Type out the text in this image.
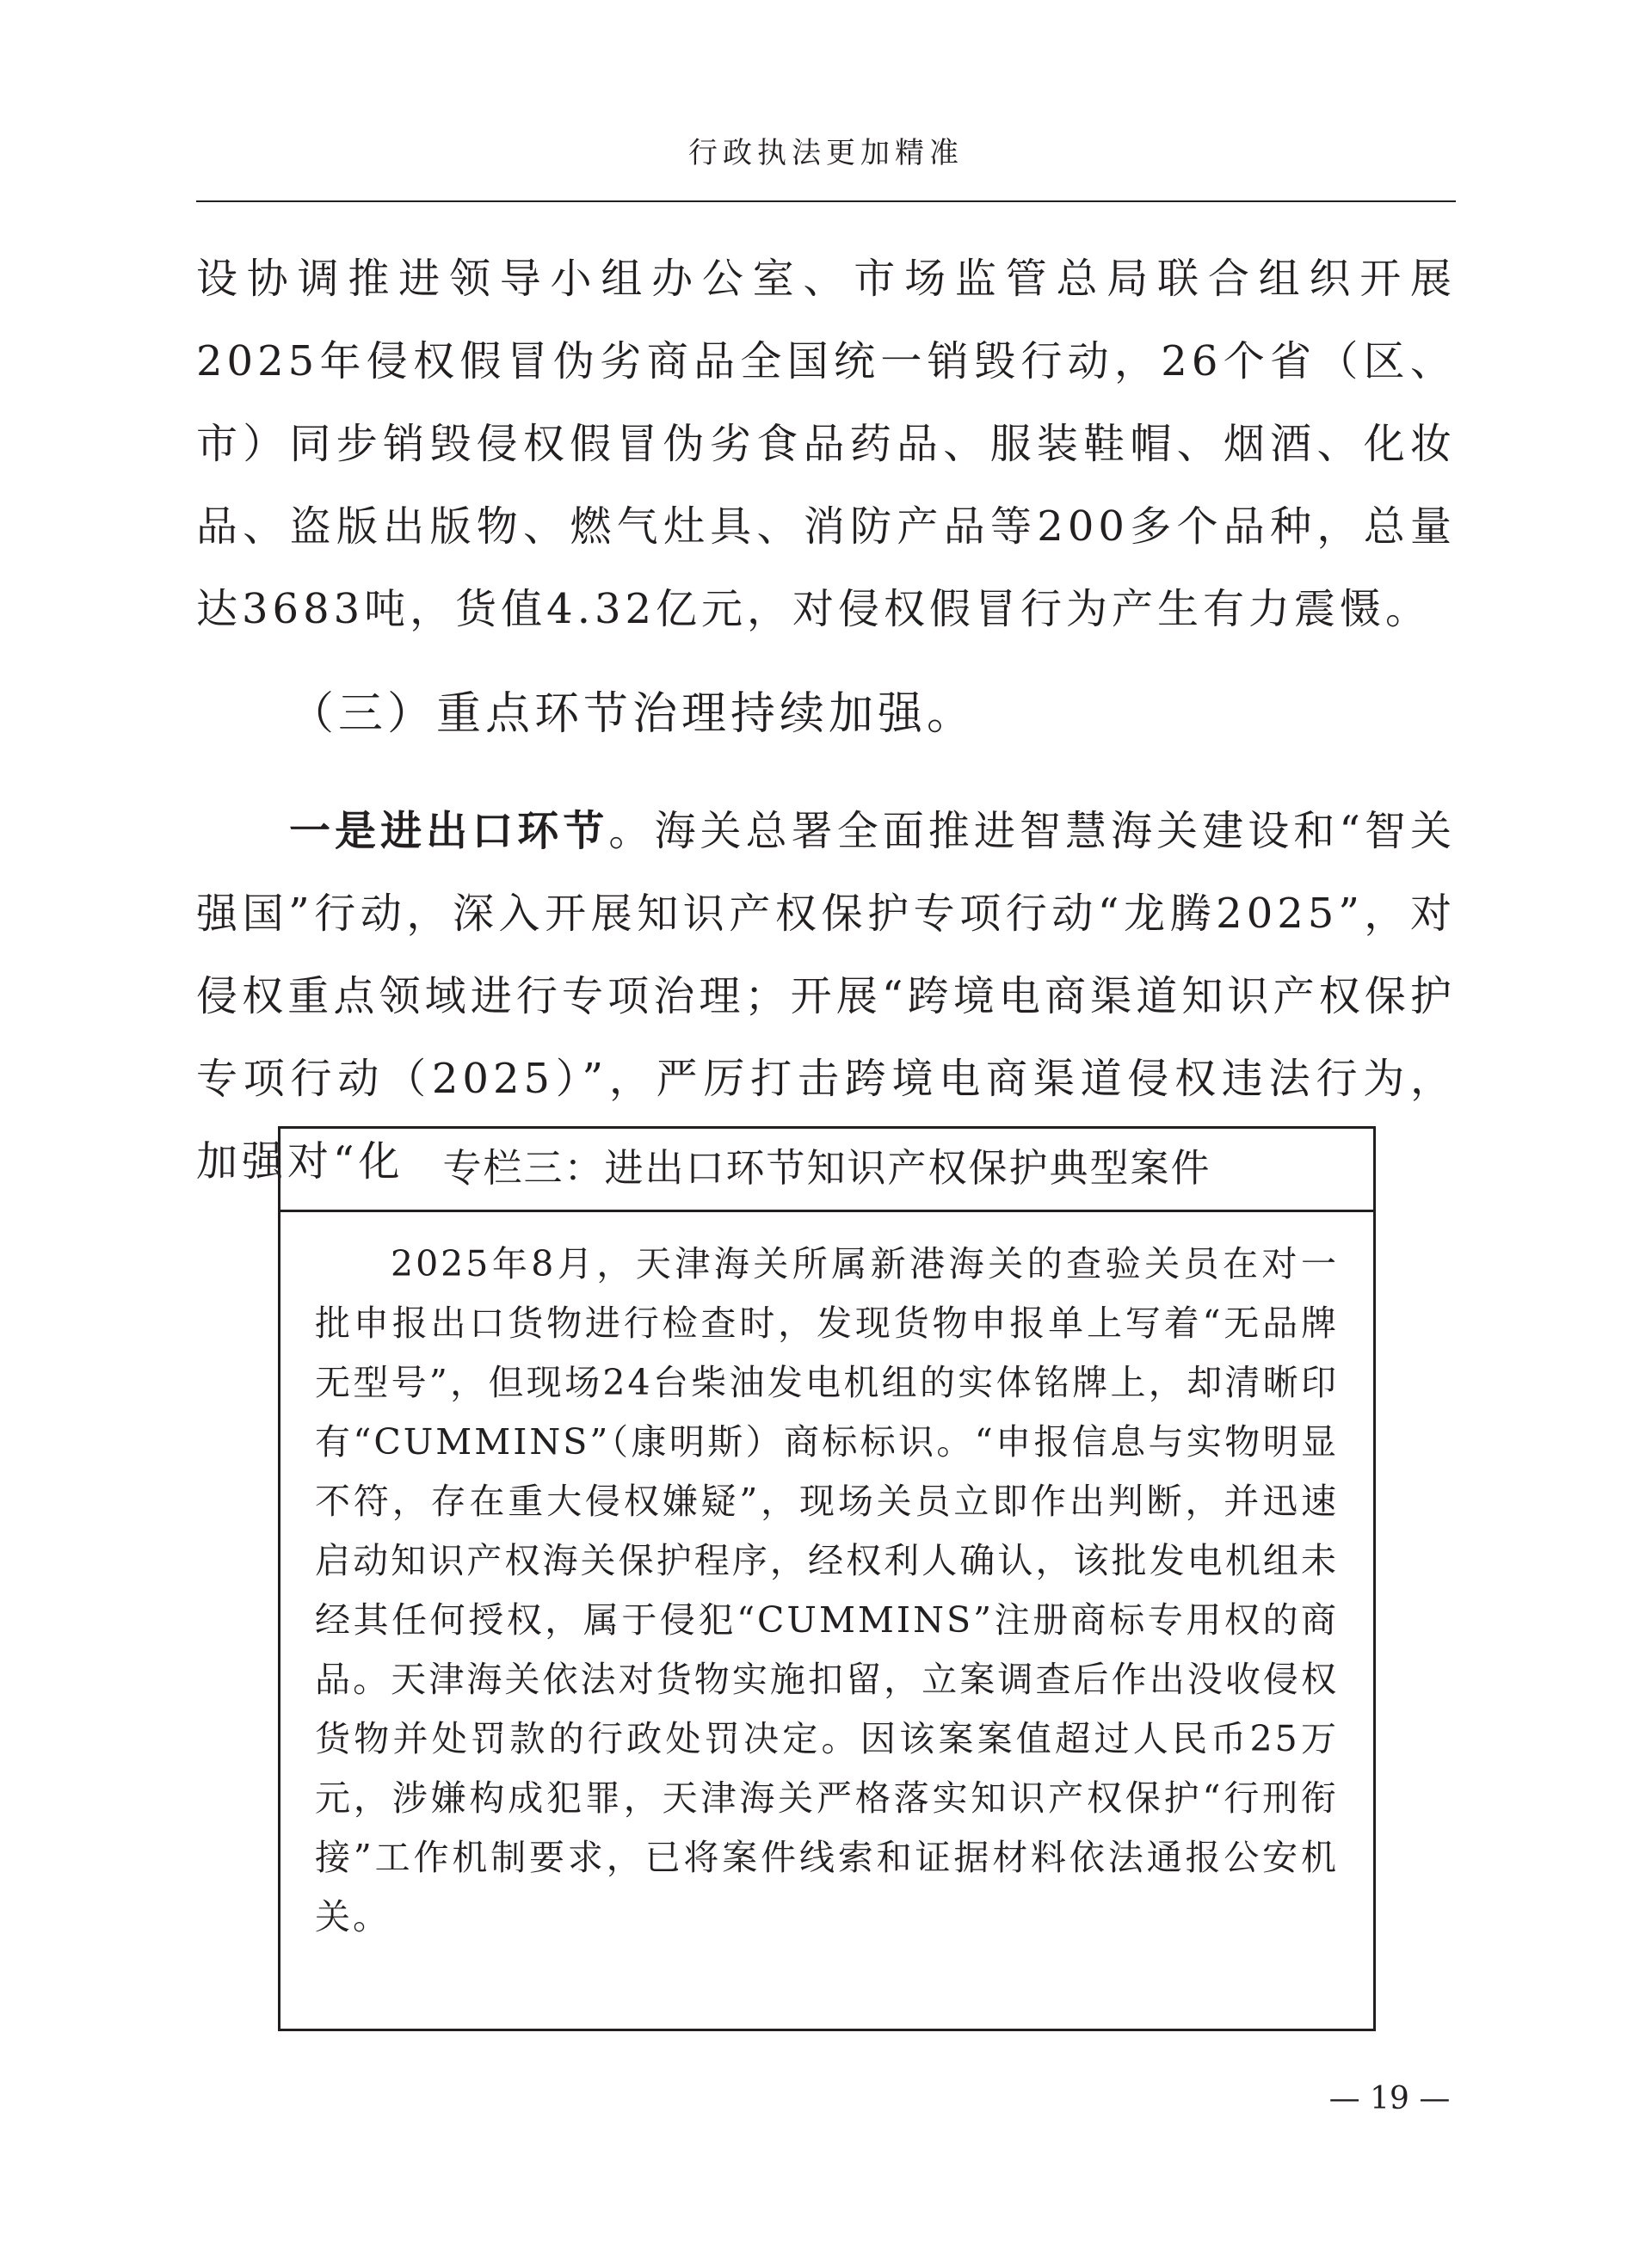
行政执法更加精准

设协调推进领导小组办公室、市场监管总局联合组织开展2025年侵权假冒伪劣商品全国统一销毁行动，26个省（区、市）同步销毁侵权假冒伪劣食品药品、服装鞋帽、烟酒、化妆品、盗版出版物、燃气灶具、消防产品等200多个品种，总量达3683吨，货值4.32亿元，对侵权假冒行为产生有力震慑。

（三）重点环节治理持续加强。

一是进出口环节。海关总署全面推进智慧海关建设和“智关强国”行动，深入开展知识产权保护专项行动“龙腾2025”，对侵权重点领域进行专项治理；开展“跨境电商渠道知识产权保护专项行动（2025）”，严厉打击跨境电商渠道侵权违法行为，加强对“化 专栏三：进出口环节知识产权保护典型案件

2025年8月，天津海关所属新港海关的查验关员在对一批申报出口货物进行检查时，发现货物申报单上写着“无品牌无型号”，但现场24台柴油发电机组的实体铭牌上，却清晰印有“CUMMINS”（康明斯）商标标识。“申报信息与实物明显不符，存在重大侵权嫌疑”，现场关员立即作出判断，并迅速启动知识产权海关保护程序，经权利人确认，该批发电机组未经其任何授权，属于侵犯“CUMMINS”注册商标专用权的商品。天津海关依法对货物实施扣留，立案调查后作出没收侵权货物并处罚款的行政处罚决定。因该案案值超过人民币25万元，涉嫌构成犯罪，天津海关严格落实知识产权保护“行刑衔接”工作机制要求，已将案件线索和证据材料依法通报公安机关。

— 19 —
